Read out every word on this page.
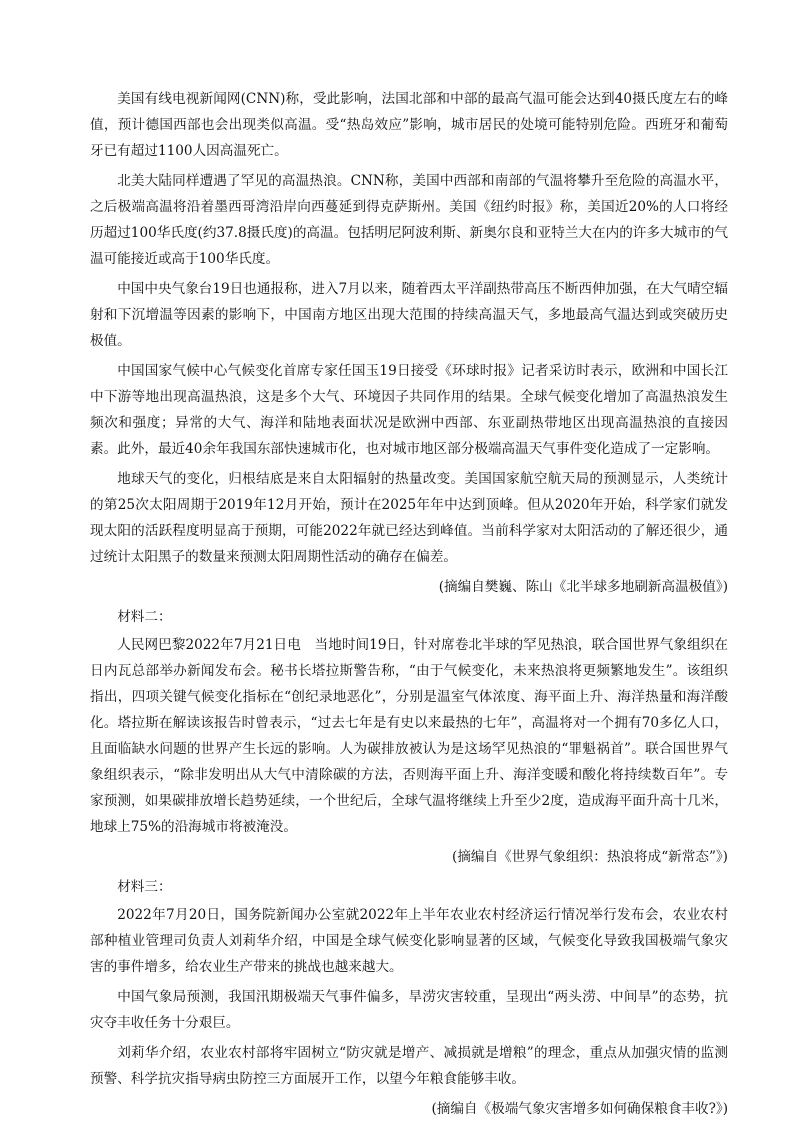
美国有线电视新闻网(CNN)称，受此影响，法国北部和中部的最高气温可能会达到40摄氏度左右的峰值，预计德国西部也会出现类似高温。受“热岛效应”影响，城市居民的处境可能特别危险。西班牙和葡萄牙已有超过1100人因高温死亡。

北美大陆同样遭遇了罕见的高温热浪。CNN称，美国中西部和南部的气温将攀升至危险的高温水平，之后极端高温将沿着墨西哥湾沿岸向西蔓延到得克萨斯州。美国《纽约时报》称，美国近20%的人口将经历超过100华氏度(约37.8摄氏度)的高温。包括明尼阿波利斯、新奥尔良和亚特兰大在内的许多大城市的气温可能接近或高于100华氏度。

中国中央气象台19日也通报称，进入7月以来，随着西太平洋副热带高压不断西伸加强，在大气晴空辐射和下沉增温等因素的影响下，中国南方地区出现大范围的持续高温天气，多地最高气温达到或突破历史极值。

中国国家气候中心气候变化首席专家任国玉19日接受《环球时报》记者采访时表示，欧洲和中国长江中下游等地出现高温热浪，这是多个大气、环境因子共同作用的结果。全球气候变化增加了高温热浪发生频次和强度；异常的大气、海洋和陆地表面状况是欧洲中西部、东亚副热带地区出现高温热浪的直接因素。此外，最近40余年我国东部快速城市化，也对城市地区部分极端高温天气事件变化造成了一定影响。

地球天气的变化，归根结底是来自太阳辐射的热量改变。美国国家航空航天局的预测显示，人类统计的第25次太阳周期于2019年12月开始，预计在2025年年中达到顶峰。但从2020年开始，科学家们就发现太阳的活跃程度明显高于预期，可能2022年就已经达到峰值。当前科学家对太阳活动的了解还很少，通过统计太阳黑子的数量来预测太阳周期性活动的确存在偏差。

(摘编自樊巍、陈山《北半球多地刷新高温极值》)

材料二：

人民网巴黎2022年7月21日电　当地时间19日，针对席卷北半球的罕见热浪，联合国世界气象组织在日内瓦总部举办新闻发布会。秘书长塔拉斯警告称，“由于气候变化，未来热浪将更频繁地发生”。该组织指出，四项关键气候变化指标在“创纪录地恶化”，分别是温室气体浓度、海平面上升、海洋热量和海洋酸化。塔拉斯在解读该报告时曾表示，“过去七年是有史以来最热的七年”，高温将对一个拥有70多亿人口，且面临缺水问题的世界产生长远的影响。人为碳排放被认为是这场罕见热浪的“罪魁祸首”。联合国世界气象组织表示，“除非发明出从大气中清除碳的方法，否则海平面上升、海洋变暖和酸化将持续数百年”。专家预测，如果碳排放增长趋势延续，一个世纪后，全球气温将继续上升至少2度，造成海平面升高十几米，地球上75%的沿海城市将被淹没。

(摘编自《世界气象组织：热浪将成“新常态”》)

材料三：

2022年7月20日，国务院新闻办公室就2022年上半年农业农村经济运行情况举行发布会，农业农村部种植业管理司负责人刘莉华介绍，中国是全球气候变化影响显著的区域，气候变化导致我国极端气象灾害的事件增多，给农业生产带来的挑战也越来越大。

中国气象局预测，我国汛期极端天气事件偏多，旱涝灾害较重，呈现出“两头涝、中间旱”的态势，抗灾夺丰收任务十分艰巨。

刘莉华介绍，农业农村部将牢固树立“防灾就是增产、减损就是增粮”的理念，重点从加强灾情的监测预警、科学抗灾指导病虫防控三方面展开工作，以望今年粮食能够丰收。

(摘编自《极端气象灾害增多如何确保粮食丰收?》)
